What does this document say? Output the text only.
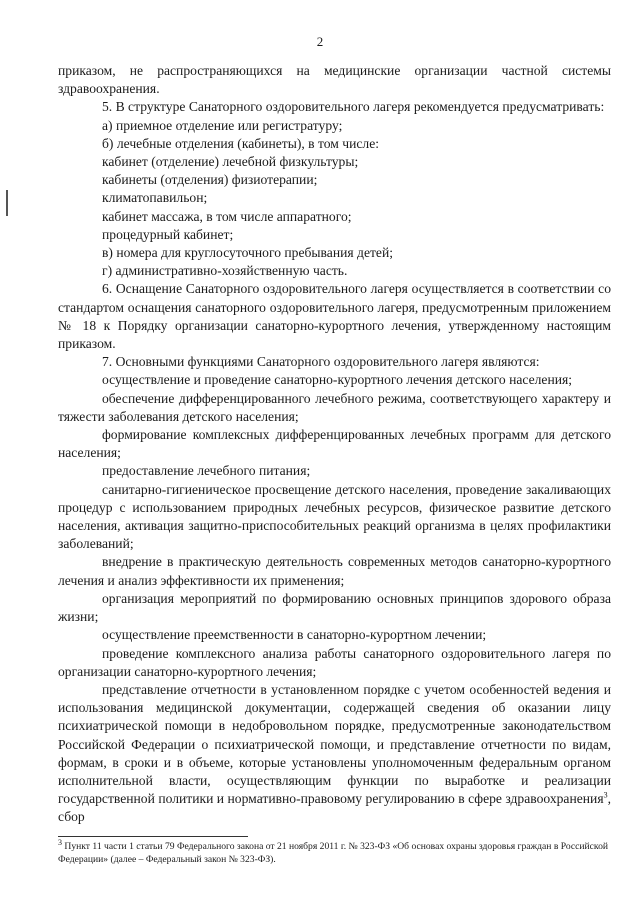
2

приказом, не распространяющихся на медицинские организации частной системы здравоохранения.

5. В структуре Санаторного оздоровительного лагеря рекомендуется предусматривать:

а) приемное отделение или регистратуру;

б) лечебные отделения (кабинеты), в том числе:

кабинет (отделение) лечебной физкультуры;

кабинеты (отделения) физиотерапии;

климатопавильон;

кабинет массажа, в том числе аппаратного;

процедурный кабинет;

в) номера для круглосуточного пребывания детей;

г) административно-хозяйственную часть.

6. Оснащение Санаторного оздоровительного лагеря осуществляется в соответствии со стандартом оснащения санаторного оздоровительного лагеря, предусмотренным приложением № 18 к Порядку организации санаторно-курортного лечения, утвержденному настоящим приказом.

7. Основными функциями Санаторного оздоровительного лагеря являются:

осуществление и проведение санаторно-курортного лечения детского населения;

обеспечение дифференцированного лечебного режима, соответствующего характеру и тяжести заболевания детского населения;

формирование комплексных дифференцированных лечебных программ для детского населения;

предоставление лечебного питания;

санитарно-гигиеническое просвещение детского населения, проведение закаливающих процедур с использованием природных лечебных ресурсов, физическое развитие детского населения, активация защитно-приспособительных реакций организма в целях профилактики заболеваний;

внедрение в практическую деятельность современных методов санаторно-курортного лечения и анализ эффективности их применения;

организация мероприятий по формированию основных принципов здорового образа жизни;

осуществление преемственности в санаторно-курортном лечении;

проведение комплексного анализа работы санаторного оздоровительного лагеря по организации санаторно-курортного лечения;

представление отчетности в установленном порядке с учетом особенностей ведения и использования медицинской документации, содержащей сведения об оказании лицу психиатрической помощи в недобровольном порядке, предусмотренные законодательством Российской Федерации о психиатрической помощи, и представление отчетности по видам, формам, в сроки и в объеме, которые установлены уполномоченным федеральным органом исполнительной власти, осуществляющим функции по выработке и реализации государственной политики и нормативно-правовому регулированию в сфере здравоохранения$^3$, сбор

$^3$ Пункт 11 части 1 статьи 79 Федерального закона от 21 ноября 2011 г. № 323-ФЗ «Об основах охраны здоровья граждан в Российской Федерации» (далее – Федеральный закон № 323-ФЗ).
